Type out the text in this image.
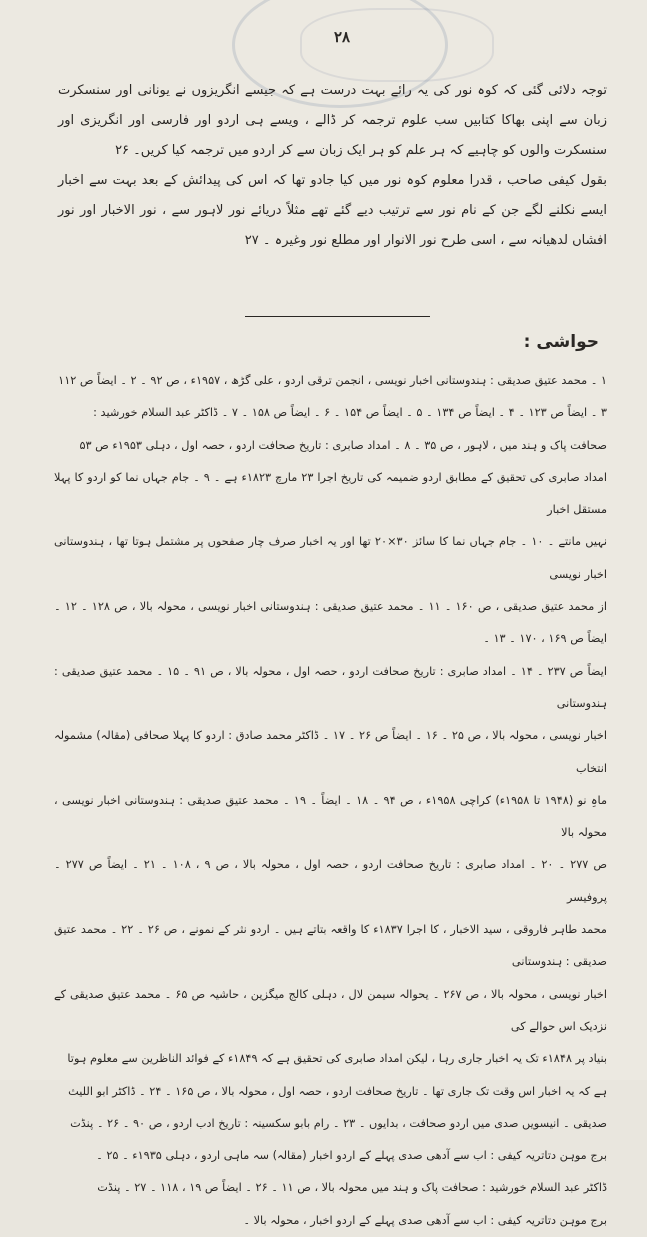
۲۸

توجہ دلائی گئی کہ کوہ نور کی یہ رائے بہت درست ہے کہ جیسے انگریزوں نے یونانی اور سنسکرت زبان سے اپنی بھاکا کتابیں سب علوم ترجمہ کر ڈالے ، ویسے ہی اردو اور فارسی اور انگریزی اور سنسکرت والوں کو چاہیے کہ ہر علم کو ہر ایک زبان سے کر اردو میں ترجمہ کیا کریں۔ ۲۶

بقول کیفی صاحب ، قدرا معلوم کوہ نور میں کیا جادو تھا کہ اس کی پیدائش کے بعد بہت سے اخبار ایسے نکلنے لگے جن کے نام نور سے ترتیب دیے گئے تھے مثلاً دریائے نور لاہور سے ، نور الاخبار اور نور افشاں لدھیانہ سے ، اسی طرح نور الانوار اور مطلع نور وغیرہ ۔ ۲۷

حواشی :

۱ ۔ محمد عتیق صدیقی : ہندوستانی اخبار نویسی ، انجمن ترقی اردو ، علی گڑھ ، ۱۹۵۷ء ، ص ۹۲ ۔ ۲ ۔ ایضاً ص ۱۱۲

۳ ۔ ایضاً ص ۱۲۳ ۔ ۴ ۔ ایضاً ص ۱۳۴ ۔ ۵ ۔ ایضاً ص ۱۵۴ ۔ ۶ ۔ ایضاً ص ۱۵۸ ۔ ۷ ۔ ڈاکٹر عبد السلام خورشید :

صحافت پاک و ہند میں ، لاہور ، ص ۳۵ ۔ ۸ ۔ امداد صابری : تاریخ صحافت اردو ، حصہ اول ، دہلی ۱۹۵۳ء ص ۵۳

امداد صابری کی تحقیق کے مطابق اردو ضمیمہ کی تاریخ اجرا ۲۳ مارچ ۱۸۲۳ء ہے ۔ ۹ ۔ جام جہاں نما کو اردو کا پہلا مستقل اخبار

نہیں مانتے ۔ ۱۰ ۔ جام جہاں نما کا سائز ۳۰×۲۰ تھا اور یہ اخبار صرف چار صفحوں پر مشتمل ہوتا تھا ، ہندوستانی اخبار نویسی

از محمد عتیق صدیقی ، ص ۱۶۰ ۔ ۱۱ ۔ محمد عتیق صدیقی : ہندوستانی اخبار نویسی ، محولہ بالا ، ص ۱۲۸ ۔ ۱۲ ۔ ایضاً ص ۱۶۹ ، ۱۷۰ ۔ ۱۳ ۔

ایضاً ص ۲۳۷ ۔ ۱۴ ۔ امداد صابری : تاریخ صحافت اردو ، حصہ اول ، محولہ بالا ، ص ۹۱ ۔ ۱۵ ۔ محمد عتیق صدیقی : ہندوستانی

اخبار نویسی ، محولہ بالا ، ص ۲۵ ۔ ۱۶ ۔ ایضاً ص ۲۶ ۔ ۱۷ ۔ ڈاکٹر محمد صادق : اردو کا پہلا صحافی (مقالہ) مشمولہ انتخاب

ماہِ نو (۱۹۴۸ تا ۱۹۵۸ء) کراچی ۱۹۵۸ء ، ص ۹۴ ۔ ۱۸ ۔ ایضاً ۔ ۱۹ ۔ محمد عتیق صدیقی : ہندوستانی اخبار نویسی ، محولہ بالا

ص ۲۷۷ ۔ ۲۰ ۔ امداد صابری : تاریخ صحافت اردو ، حصہ اول ، محولہ بالا ، ص ۹ ، ۱۰۸ ۔ ۲۱ ۔ ایضاً ص ۲۷۷ ۔ پروفیسر

محمد طاہر فاروقی ، سید الاخبار ، کا اجرا ۱۸۳۷ء کا واقعہ بتاتے ہیں ۔ اردو نثر کے نمونے ، ص ۲۶ ۔ ۲۲ ۔ محمد عتیق صدیقی : ہندوستانی

اخبار نویسی ، محولہ بالا ، ص ۲۶۷ ۔ یحوالہ سیمن لال ، دہلی کالج میگزین ، حاشیہ ص ۶۵ ۔ محمد عتیق صدیقی کے نزدیک اس حوالے کی

بنیاد پر ۱۸۴۸ء تک یہ اخبار جاری رہا ، لیکن امداد صابری کی تحقیق ہے کہ ۱۸۴۹ء کے فوائد الناظرین سے معلوم ہوتا

ہے کہ یہ اخبار اس وقت تک جاری تھا ۔ تاریخ صحافت اردو ، حصہ اول ، محولہ بالا ، ص ۱۶۵ ۔ ۲۴ ۔ ڈاکٹر ابو اللیث

صدیقی ۔ انیسویں صدی میں اردو صحافت ، بدایوں ۔ ۲۳ ۔ رام بابو سکسینہ : تاریخ ادب اردو ، ص ۹۰ ۔ ۲۶ ۔ پنڈت

برج موہن دتاتریہ کیفی : اب سے آدھی صدی پہلے کے اردو اخبار (مقالہ) سہ ماہی اردو ، دہلی ۱۹۳۵ء ۔ ۲۵ ۔

ڈاکٹر عبد السلام خورشید : صحافت پاک و ہند میں محولہ بالا ، ص ۱۱ ۔ ۲۶ ۔ ایضاً ص ۱۹ ، ۱۱۸ ۔ ۲۷ ۔ پنڈت

برج موہن دتاتریہ کیفی : اب سے آدھی صدی پہلے کے اردو اخبار ، محولہ بالا ۔
